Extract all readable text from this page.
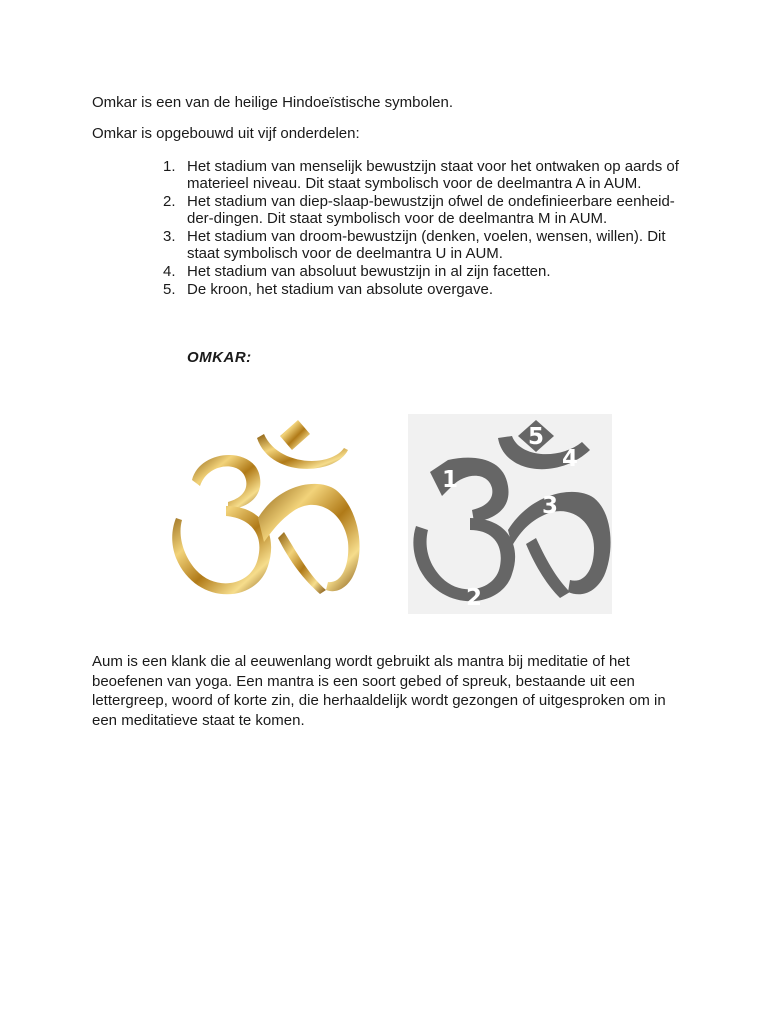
Omkar is een van de heilige Hindoeïstische symbolen.

Omkar is opgebouwd uit vijf onderdelen:

1. Het stadium van menselijk bewustzijn staat voor het ontwaken op aards of materieel niveau. Dit staat symbolisch voor de deelmantra A in AUM.
2. Het stadium van diep-slaap-bewustzijn ofwel de ondefinieerbare eenheid-der-dingen. Dit staat symbolisch voor de deelmantra M in AUM.
3. Het stadium van droom-bewustzijn (denken, voelen, wensen, willen). Dit staat symbolisch voor de deelmantra U in AUM.
4. Het stadium van absoluut bewustzijn in al zijn facetten.
5. De kroon, het stadium van absolute overgave.

OMKAR:

1
2
3
4
5

Aum is een klank die al eeuwenlang wordt gebruikt als mantra bij meditatie of het beoefenen van yoga. Een mantra is een soort gebed of spreuk, bestaande uit een lettergreep, woord of korte zin, die herhaaldelijk wordt gezongen of uitgesproken om in een meditatieve staat te komen.
